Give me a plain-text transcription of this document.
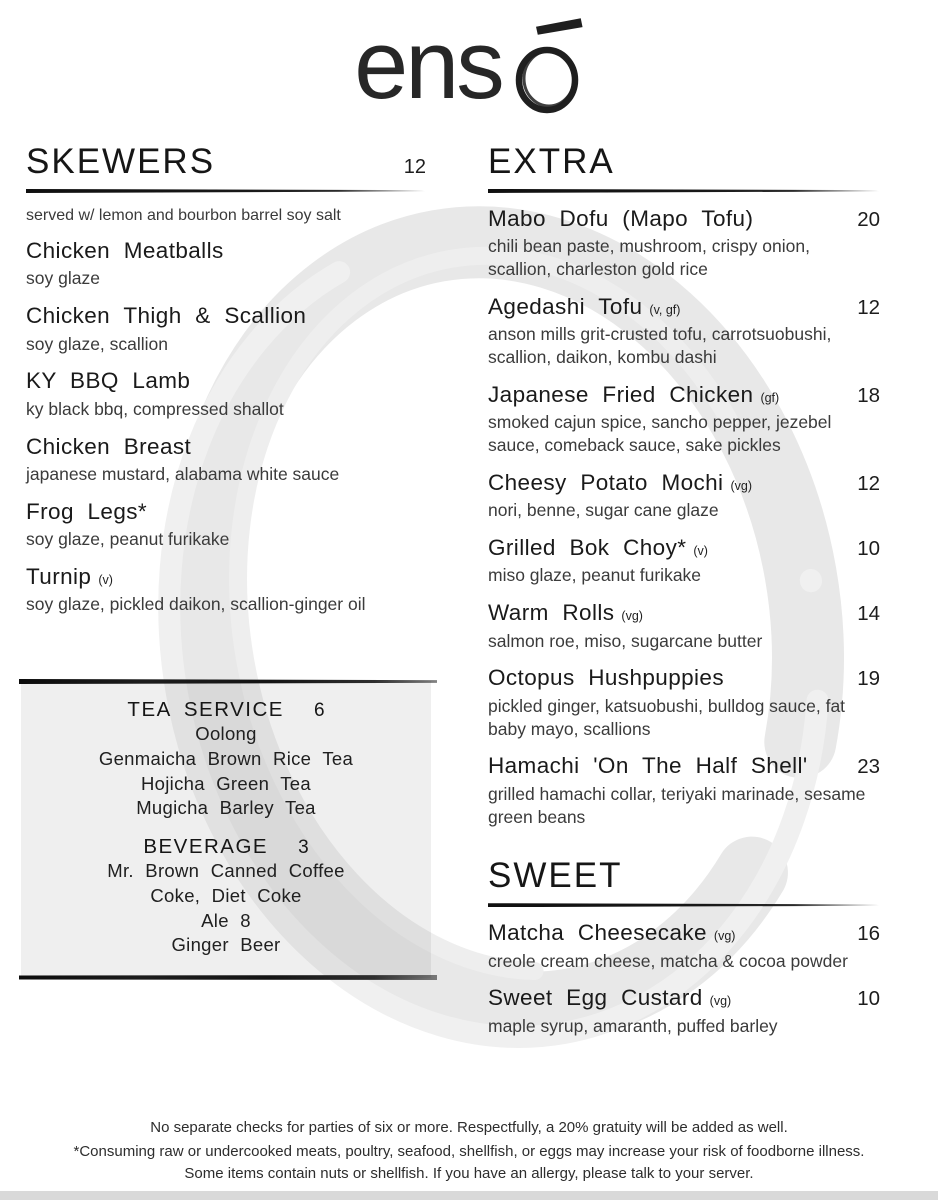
ens
SKEWERS	12

served w/ lemon and bourbon barrel soy salt

Chicken Meatballs
soy glaze
Chicken Thigh & Scallion
soy glaze, scallion
KY BBQ Lamb
ky black bbq, compressed shallot
Chicken Breast
japanese mustard, alabama white sauce
Frog Legs*
soy glaze, peanut furikake
Turnip (v)
soy glaze, pickled daikon, scallion-ginger oil
TEA SERVICE 6
Oolong
Genmaicha Brown Rice Tea
Hojicha Green Tea
Mugicha Barley Tea
BEVERAGE 3
Mr. Brown Canned Coffee
Coke, Diet Coke
Ale 8
Ginger Beer
EXTRA
Mabo Dofu (Mapo Tofu)	20
chili bean paste, mushroom, crispy onion, scallion, charleston gold rice
Agedashi Tofu (v, gf)	12
anson mills grit-crusted tofu, carrotsuobushi, scallion, daikon, kombu dashi
Japanese Fried Chicken (gf)	18
smoked cajun spice, sancho pepper, jezebel sauce, comeback sauce, sake pickles
Cheesy Potato Mochi (vg)	12
nori, benne, sugar cane glaze
Grilled Bok Choy* (v)	10
miso glaze, peanut furikake
Warm Rolls (vg)	14
salmon roe, miso, sugarcane butter
Octopus Hushpuppies	19
pickled ginger, katsuobushi, bulldog sauce, fat baby mayo, scallions
Hamachi 'On The Half Shell'	23
grilled hamachi collar, teriyaki marinade, sesame green beans
SWEET
Matcha Cheesecake (vg)	16
creole cream cheese, matcha & cocoa powder
Sweet Egg Custard (vg)	10
maple syrup, amaranth, puffed barley
No separate checks for parties of six or more. Respectfully, a 20% gratuity will be added as well.
*Consuming raw or undercooked meats, poultry, seafood, shellfish, or eggs may increase your risk of foodborne illness.
Some items contain nuts or shellfish. If you have an allergy, please talk to your server.
